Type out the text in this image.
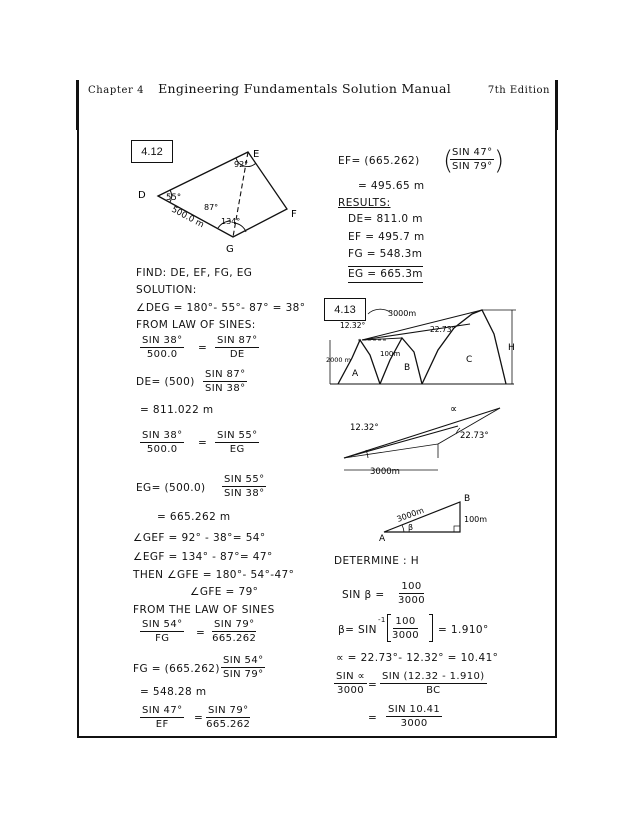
Chapter 4 Engineering Fundamentals Solution Manual	7th Edition
4.12
D
E
F
G
55°
92°
87°
134°
500.0 m
FIND: DE, EF, FG, EG
SOLUTION:
∠DEG = 180°- 55°- 87° = 38°
FROM LAW OF SINES:
SIN 38°
500.0
=
SIN 87°
DE
DE= (500)
SIN 87°
SIN 38°
= 811.022 m
SIN 38°
500.0
=
SIN 55°
EG
EG= (500.0)
SIN 55°
SIN 38°
= 665.262 m
∠GEF = 92° - 38°= 54°
∠EGF = 134° - 87°= 47°
THEN ∠GFE = 180°- 54°-47°
∠GFE = 79°
FROM THE LAW OF SINES
SIN 54°
FG	=
SIN 79°
665.262
FG = (665.262)
SIN 54°
SIN 79°
= 548.28 m
SIN 47°
EF
=
SIN 79°
665.262
EF= (665.262)
SIN 47°
SIN 79°
( )
= 495.65 m
RESULTS:
DE= 811.0 m
EF = 495.7 m
FG = 548.3m
EG = 665.3m
4.13	3000m
12.32°	22.73°
100m
2000 m
A
B
C
H
12.32°
∝
22.73°
3000m
A
B
3000m
β
100m
DETERMINE : H
SIN $\beta = \frac{100}{3000}$
β= SIN
$-1 \frac{100}{3000} = 1.910^\circ$
∝ = 22.73°- 12.32° = 10.41°
SIN ∝
3000 =
SIN (12.32 - 1.910)
BC
=
SIN 10.41
3000
